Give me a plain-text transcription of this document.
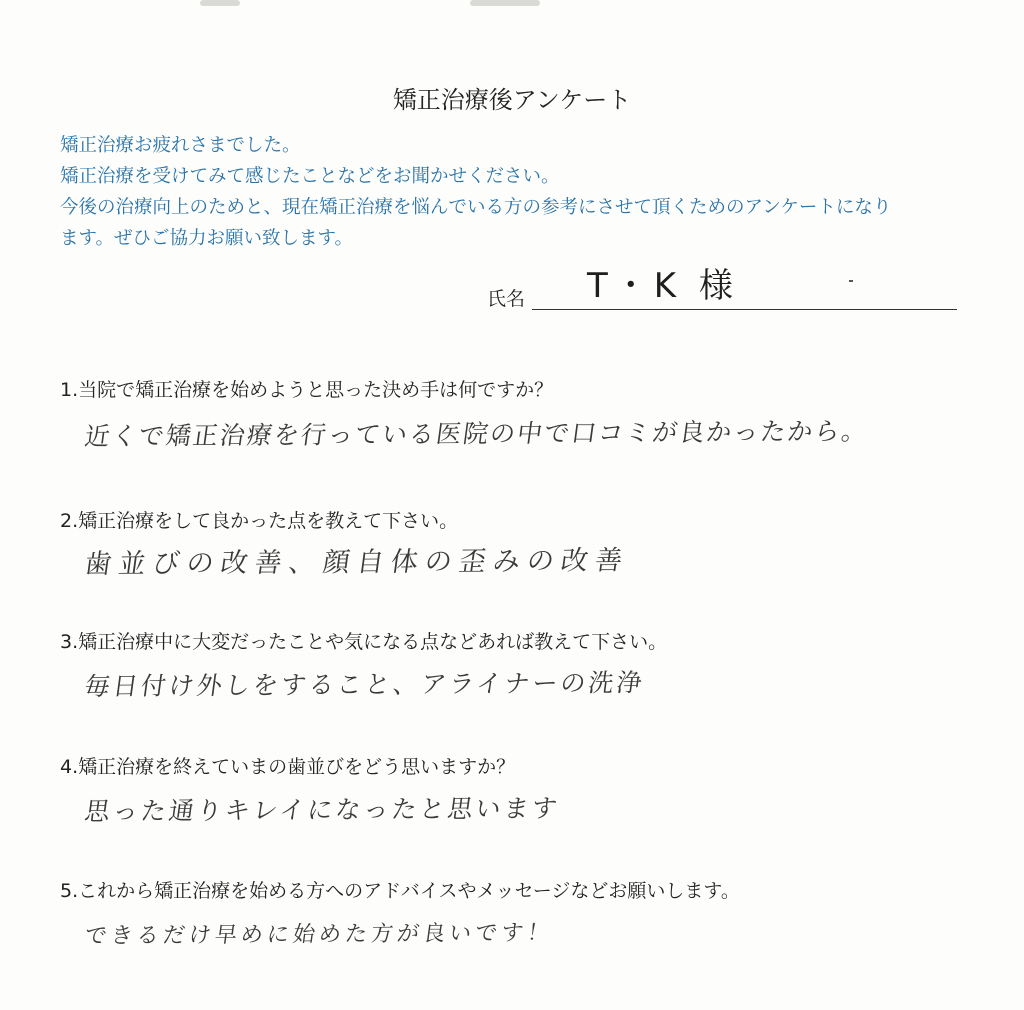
矯正治療後アンケート
矯正治療お疲れさまでした。
矯正治療を受けてみて感じたことなどをお聞かせください。
今後の治療向上のためと、現在矯正治療を悩んでいる方の参考にさせて頂くためのアンケートになり
ます。ぜひご協力お願い致します。
氏名 T・K 様
1.当院で矯正治療を始めようと思った決め手は何ですか？
近くで矯正治療を行っている医院の中で口コミが良かったから。
2.矯正治療をして良かった点を教えて下さい。
歯並びの改善、顔自体の歪みの改善
3.矯正治療中に大変だったことや気になる点などあれば教えて下さい。
毎日付け外しをすること、アライナーの洗浄
4.矯正治療を終えていまの歯並びをどう思いますか？
思った通りキレイになったと思います
5.これから矯正治療を始める方へのアドバイスやメッセージなどお願いします。
できるだけ早めに始めた方が良いです！
